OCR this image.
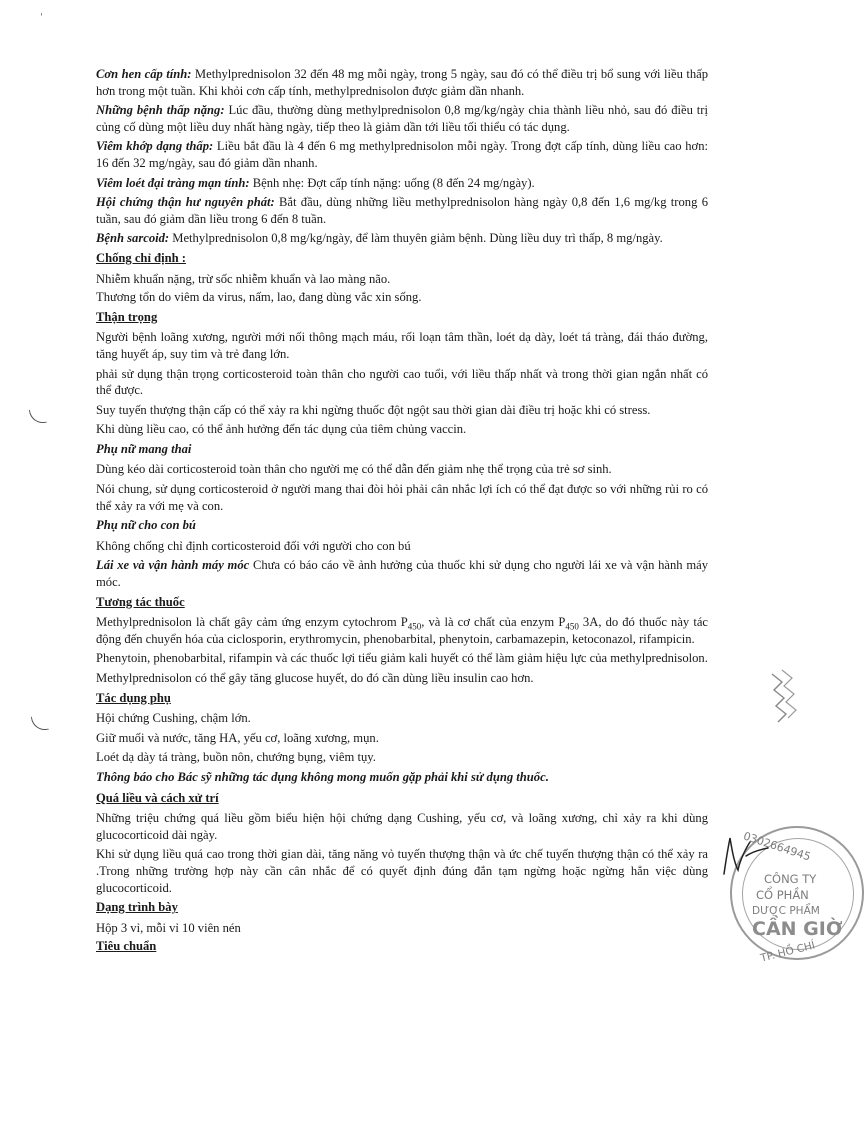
'

Cơn hen cấp tính: Methylprednisolon 32 đến 48 mg mỗi ngày, trong 5 ngày, sau đó có thể điều trị bổ sung với liều thấp hơn trong một tuần. Khi khỏi cơn cấp tính, methylprednisolon được giảm dần nhanh.

Những bệnh thấp nặng: Lúc đầu, thường dùng methylprednisolon 0,8 mg/kg/ngày chia thành liều nhỏ, sau đó điều trị củng cố dùng một liều duy nhất hàng ngày, tiếp theo là giảm dần tới liều tối thiểu có tác dụng.

Viêm khớp dạng thấp: Liều bắt đầu là 4 đến 6 mg methylprednisolon mỗi ngày. Trong đợt cấp tính, dùng liều cao hơn: 16 đến 32 mg/ngày, sau đó giảm dần nhanh.

Viêm loét đại tràng mạn tính: Bệnh nhẹ: Đợt cấp tính nặng: uống (8 đến 24 mg/ngày).

Hội chứng thận hư nguyên phát: Bắt đầu, dùng những liều methylprednisolon hàng ngày 0,8 đến 1,6 mg/kg trong 6 tuần, sau đó giảm dần liều trong 6 đến 8 tuần.

Bệnh sarcoid: Methylprednisolon 0,8 mg/kg/ngày, để làm thuyên giảm bệnh. Dùng liều duy trì thấp, 8 mg/ngày.

Chống chỉ định :

Nhiễm khuẩn nặng, trừ sốc nhiễm khuẩn và lao màng não.

Thương tổn do viêm da virus, nấm, lao, đang dùng vắc xin sống.

Thận trọng

Người bệnh loãng xương, người mới nối thông mạch máu, rối loạn tâm thần, loét dạ dày, loét tá tràng, đái tháo đường, tăng huyết áp, suy tim và trẻ đang lớn.

phải sử dụng thận trọng corticosteroid toàn thân cho người cao tuổi, với liều thấp nhất và trong thời gian ngắn nhất có thể được.

Suy tuyến thượng thận cấp có thể xảy ra khi ngừng thuốc đột ngột sau thời gian dài điều trị hoặc khi có stress.

Khi dùng liều cao, có thể ảnh hưởng đến tác dụng của tiêm chủng vaccin.

Phụ nữ mang thai

Dùng kéo dài corticosteroid toàn thân cho người mẹ có thể dẫn đến giảm nhẹ thể trọng của trẻ sơ sinh.

Nói chung, sử dụng corticosteroid ở người mang thai đòi hỏi phải cân nhắc lợi ích có thể đạt được so với những rủi ro có thể xảy ra với mẹ và con.

Phụ nữ cho con bú

Không chống chỉ định corticosteroid đối với người cho con bú

Lái xe và vận hành máy móc Chưa có báo cáo về ảnh hưởng của thuốc khi sử dụng cho người lái xe và vận hành máy móc.

Tương tác thuốc

Methylprednisolon là chất gây cảm ứng enzym cytochrom $P_{450}$, và là cơ chất của enzym $P_{450}$ 3A, do đó thuốc này tác động đến chuyển hóa của ciclosporin, erythromycin, phenobarbital, phenytoin, carbamazepin, ketoconazol, rifampicin.

Phenytoin, phenobarbital, rifampin và các thuốc lợi tiểu giảm kali huyết có thể làm giảm hiệu lực của methylprednisolon.

Methylprednisolon có thể gây tăng glucose huyết, do đó cần dùng liều insulin cao hơn.

Tác dụng phụ

Hội chứng Cushing, chậm lớn.

Giữ muối và nước, tăng HA, yếu cơ, loãng xương, mụn.

Loét dạ dày tá tràng, buồn nôn, chướng bụng, viêm tụy.

Thông báo cho Bác sỹ những tác dụng không mong muốn gặp phải khi sử dụng thuốc.

Quá liều và cách xử trí

Những triệu chứng quá liều gồm biểu hiện hội chứng dạng Cushing, yếu cơ, và loãng xương, chỉ xảy ra khi dùng glucocorticoid dài ngày.

Khi sử dụng liều quá cao trong thời gian dài, tăng năng vỏ tuyến thượng thận và ức chế tuyến thượng thận có thể xảy ra .Trong những trường hợp này cần cân nhắc để có quyết định đúng đắn tạm ngừng hoặc ngừng hẳn việc dùng glucocorticoid.

Dạng trình bày

Hộp 3 vỉ, mỗi vỉ 10 viên nén

Tiêu chuẩn

0302664945
CÔNG TY
CỔ PHẦN
DƯỢC PHẨM
CẦN GIỜ
TP. HỒ CHÍ
